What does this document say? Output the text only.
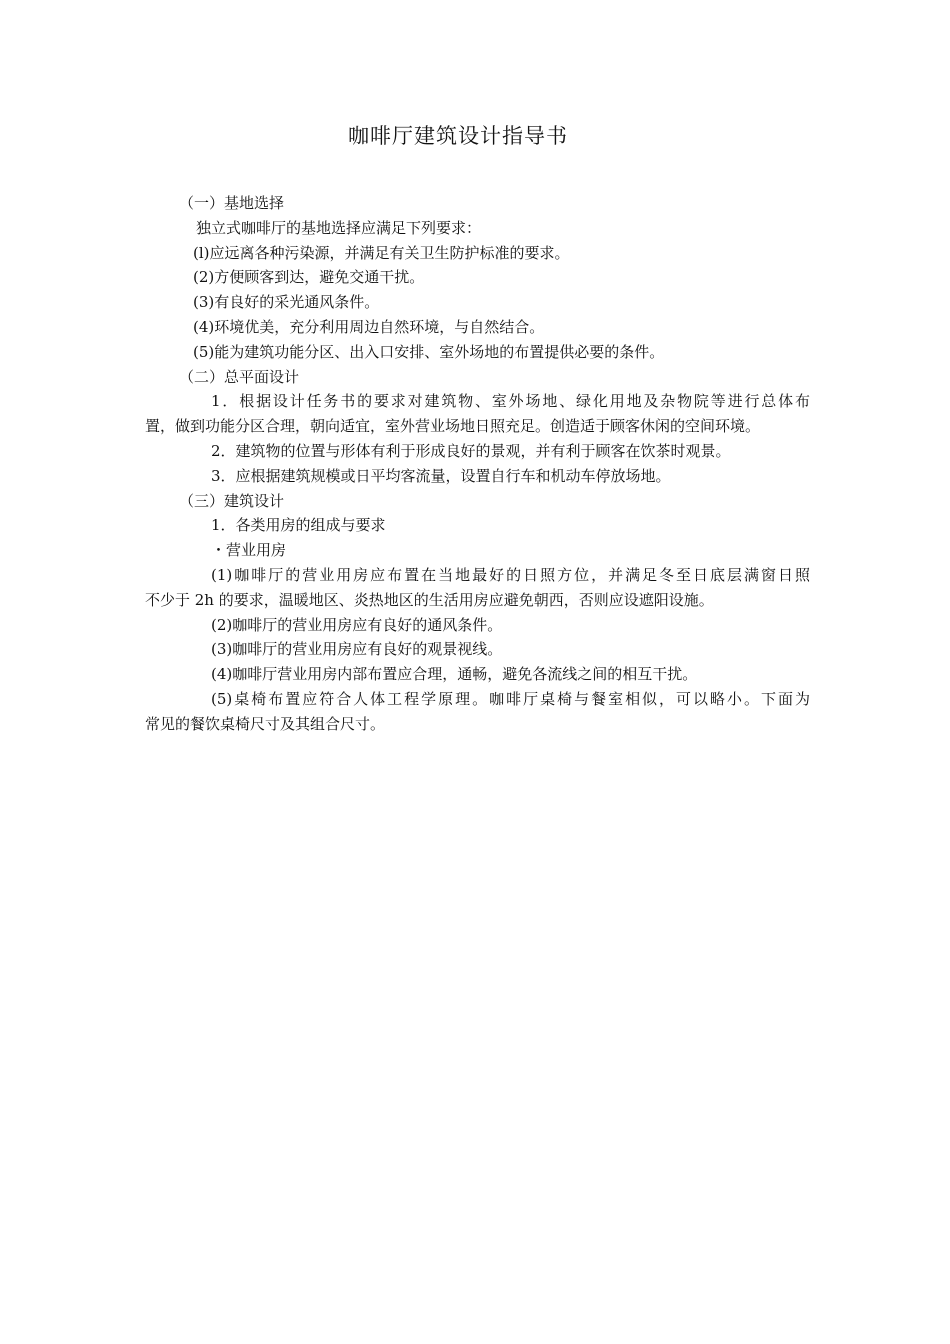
咖啡厅建筑设计指导书
（一）基地选择
独立式咖啡厅的基地选择应满足下列要求：
(l)应远离各种污染源，并满足有关卫生防护标准的要求。
(2)方便顾客到达，避免交通干扰。
(3)有良好的采光通风条件。
(4)环境优美，充分利用周边自然环境，与自然结合。
(5)能为建筑功能分区、出入口安排、室外场地的布置提供必要的条件。
（二）总平面设计
1．根据设计任务书的要求对建筑物、室外场地、绿化用地及杂物院等进行总体布
置，做到功能分区合理，朝向适宜，室外营业场地日照充足。创造适于顾客休闲的空间环境。
2．建筑物的位置与形体有利于形成良好的景观，并有利于顾客在饮茶时观景。
3．应根据建筑规模或日平均客流量，设置自行车和机动车停放场地。
（三）建筑设计
1．各类用房的组成与要求
・营业用房
(1)咖啡厅的营业用房应布置在当地最好的日照方位，并满足冬至日底层满窗日照
不少于 2h 的要求，温暖地区、炎热地区的生活用房应避免朝西，否则应设遮阳设施。
(2)咖啡厅的营业用房应有良好的通风条件。
(3)咖啡厅的营业用房应有良好的观景视线。
(4)咖啡厅营业用房内部布置应合理，通畅，避免各流线之间的相互干扰。
(5)桌椅布置应符合人体工程学原理。咖啡厅桌椅与餐室相似，可以略小。下面为
常见的餐饮桌椅尺寸及其组合尺寸。
